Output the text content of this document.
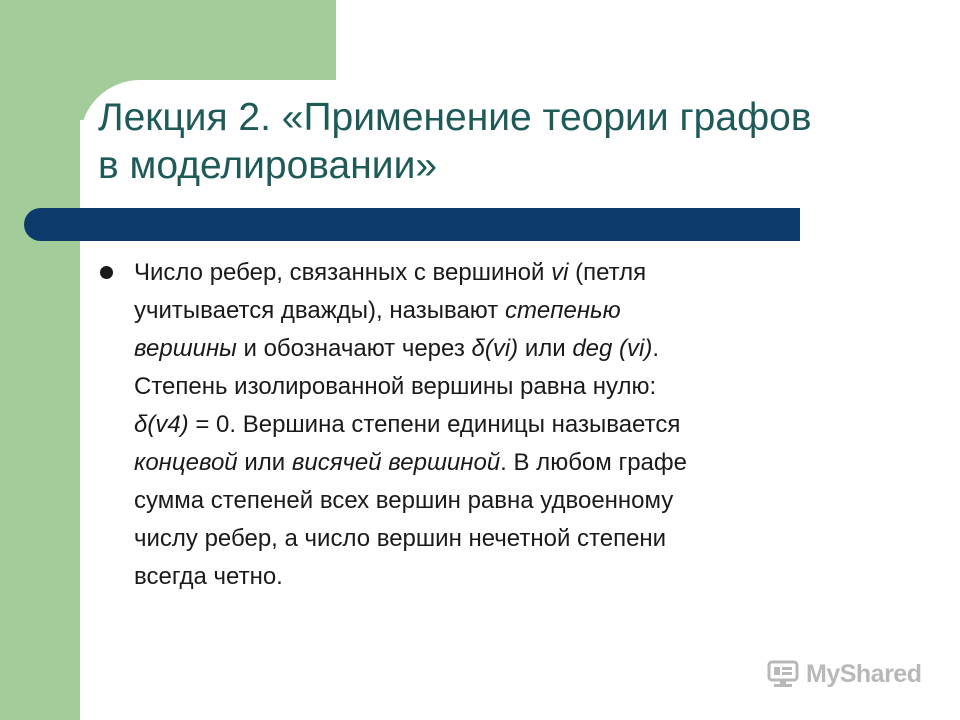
Лекция 2. «Применение теории графов
в моделировании»
Число ребер, связанных с вершиной vi (петля
учитывается дважды), называют степенью
вершины и обозначают через δ(vi) или deg (vi).
Степень изолированной вершины равна нулю:
δ(v4) = 0. Вершина степени единицы называется
концевой или висячей вершиной. В любом графе
сумма степеней всех вершин равна удвоенному
числу ребер, а число вершин нечетной степени
всегда четно.
MyShared
